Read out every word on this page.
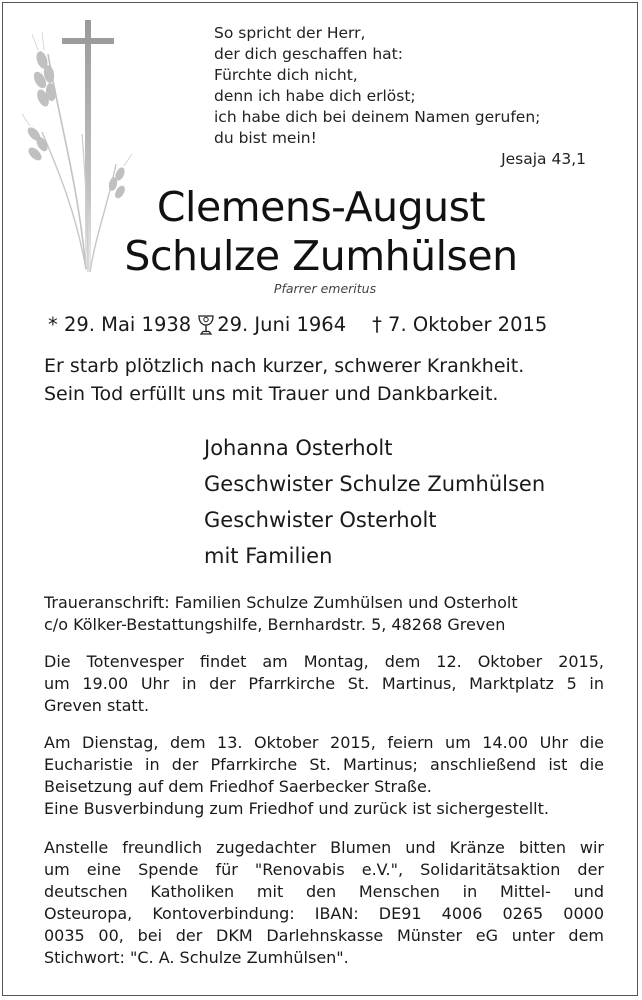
So spricht der Herr,
der dich geschaffen hat:
Fürchte dich nicht,
denn ich habe dich erlöst;
ich habe dich bei deinem Namen gerufen;
du bist mein!
Jesaja 43,1
Clemens-August
Schulze Zumhülsen
Pfarrer emeritus
* 29. Mai 1938 29. Juni 1964 † 7. Oktober 2015
Er starb plötzlich nach kurzer, schwerer Krankheit.
Sein Tod erfüllt uns mit Trauer und Dankbarkeit.
Johanna Osterholt
Geschwister Schulze Zumhülsen
Geschwister Osterholt
mit Familien
Traueranschrift: Familien Schulze Zumhülsen und Osterholt
c/o Kölker-Bestattungshilfe, Bernhardstr. 5, 48268 Greven
Die Totenvesper findet am Montag, dem 12. Oktober 2015,
um 19.00 Uhr in der Pfarrkirche St. Martinus, Marktplatz 5 in
Greven statt.
Am Dienstag, dem 13. Oktober 2015, feiern um 14.00 Uhr die
Eucharistie in der Pfarrkirche St. Martinus; anschließend ist die
Beisetzung auf dem Friedhof Saerbecker Straße.
Eine Busverbindung zum Friedhof und zurück ist sichergestellt.
Anstelle freundlich zugedachter Blumen und Kränze bitten wir
um eine Spende für "Renovabis e.V.", Solidaritätsaktion der
deutschen Katholiken mit den Menschen in Mittel- und
Osteuropa, Kontoverbindung: IBAN: DE91 4006 0265 0000
0035 00, bei der DKM Darlehnskasse Münster eG unter dem
Stichwort: "C. A. Schulze Zumhülsen".
